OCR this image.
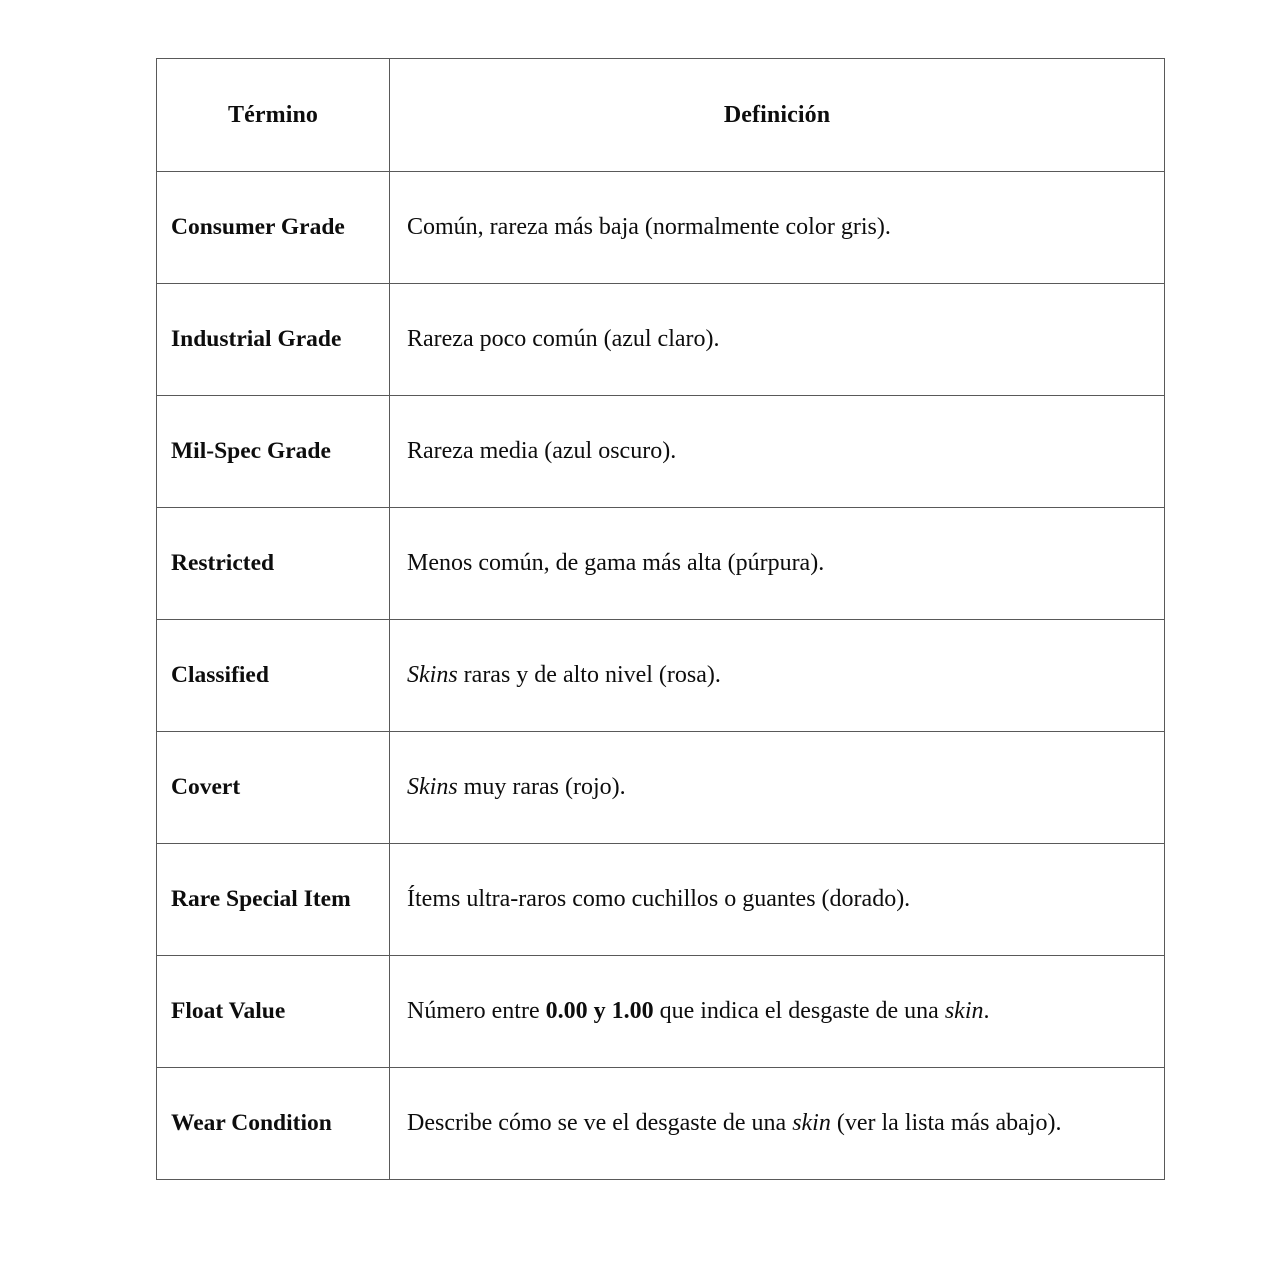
Término	Definición

Consumer Grade	Común, rareza más baja (normalmente color gris).

Industrial Grade	Rareza poco común (azul claro).

Mil-Spec Grade	Rareza media (azul oscuro).

Restricted	Menos común, de gama más alta (púrpura).

Classified	Skins raras y de alto nivel (rosa).

Covert	Skins muy raras (rojo).

Rare Special Item	Ítems ultra-raros como cuchillos o guantes (dorado).

Float Value	Número entre 0.00 y 1.00 que indica el desgaste de una skin.

Wear Condition	Describe cómo se ve el desgaste de una skin (ver la lista más abajo).
